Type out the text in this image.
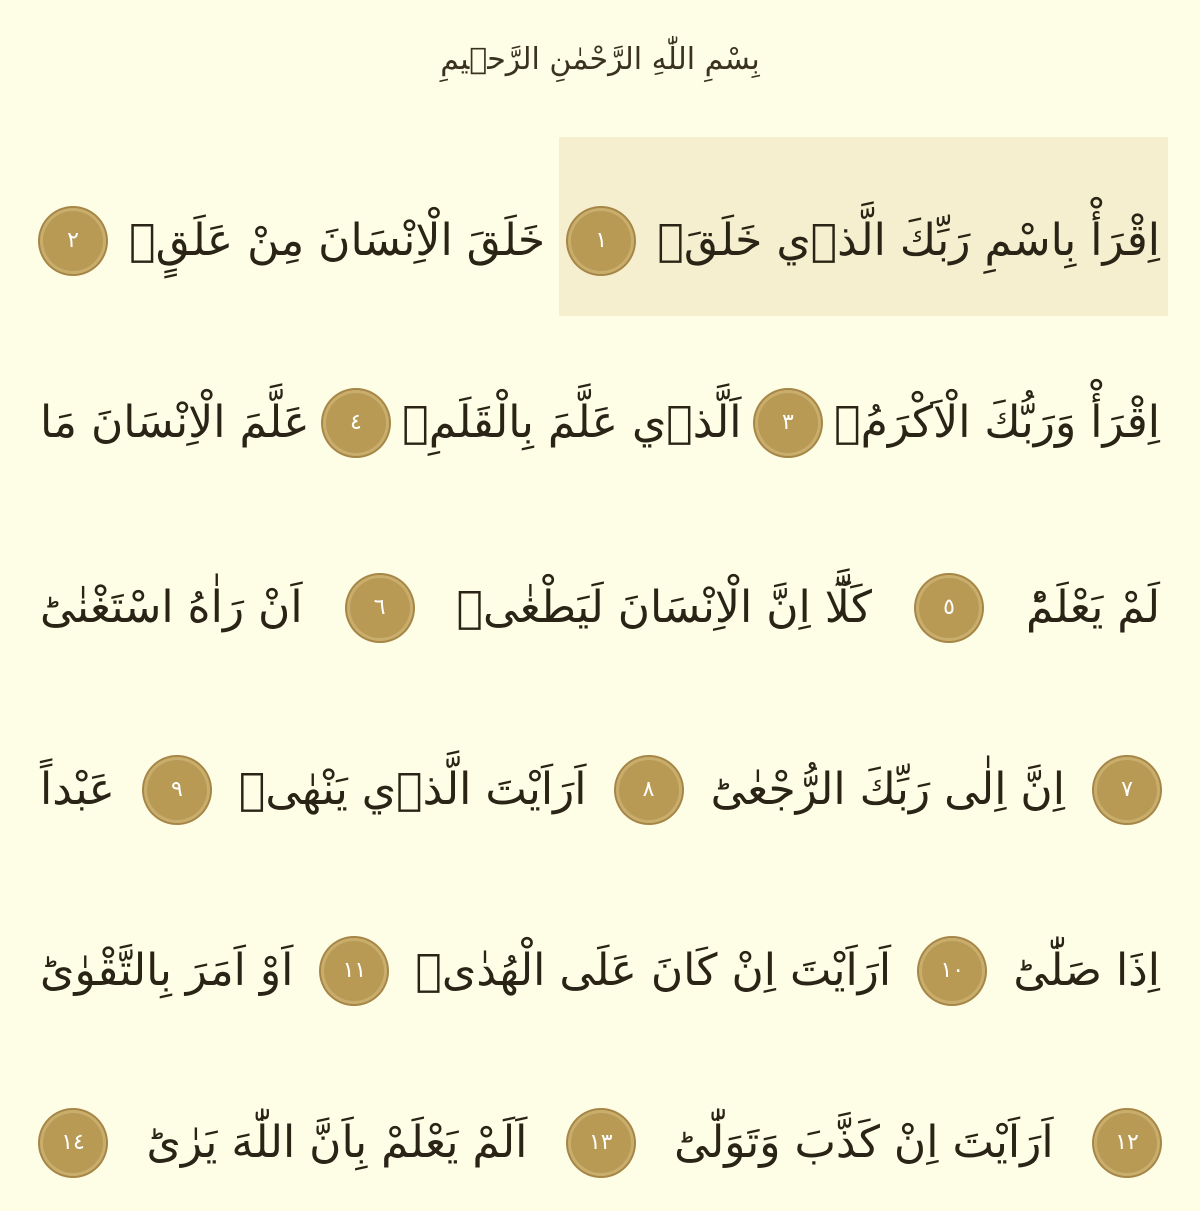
بِسْمِ اللّٰهِ الرَّحْمٰنِ الرَّح۪يمِ
اِقْرَأْ بِاسْمِ رَبِّكَ الَّذ۪ي خَلَقَۚ
١
خَلَقَ الْاِنْسَانَ مِنْ عَلَقٍۚ
٢
اِقْرَأْ وَرَبُّكَ الْاَكْرَمُۙ
٣
اَلَّذ۪ي عَلَّمَ بِالْقَلَمِۙ
٤
عَلَّمَ الْاِنْسَانَ مَا
لَمْ يَعْلَمْؕ
٥
كَلَّٓا اِنَّ الْاِنْسَانَ لَيَطْغٰىۙ
٦
اَنْ رَاٰهُ اسْتَغْنٰىؕ
٧
اِنَّ اِلٰى رَبِّكَ الرُّجْعٰىؕ
٨
اَرَاَيْتَ الَّذ۪ي يَنْهٰىۙ
٩
عَبْداً
اِذَا صَلّٰىؕ
١٠
اَرَاَيْتَ اِنْ كَانَ عَلَى الْهُدٰىۙ
١١
اَوْ اَمَرَ بِالتَّقْوٰىؕ
١٢
اَرَاَيْتَ اِنْ كَذَّبَ وَتَوَلّٰىؕ
١٣
اَلَمْ يَعْلَمْ بِاَنَّ اللّٰهَ يَرٰىؕ
١٤
